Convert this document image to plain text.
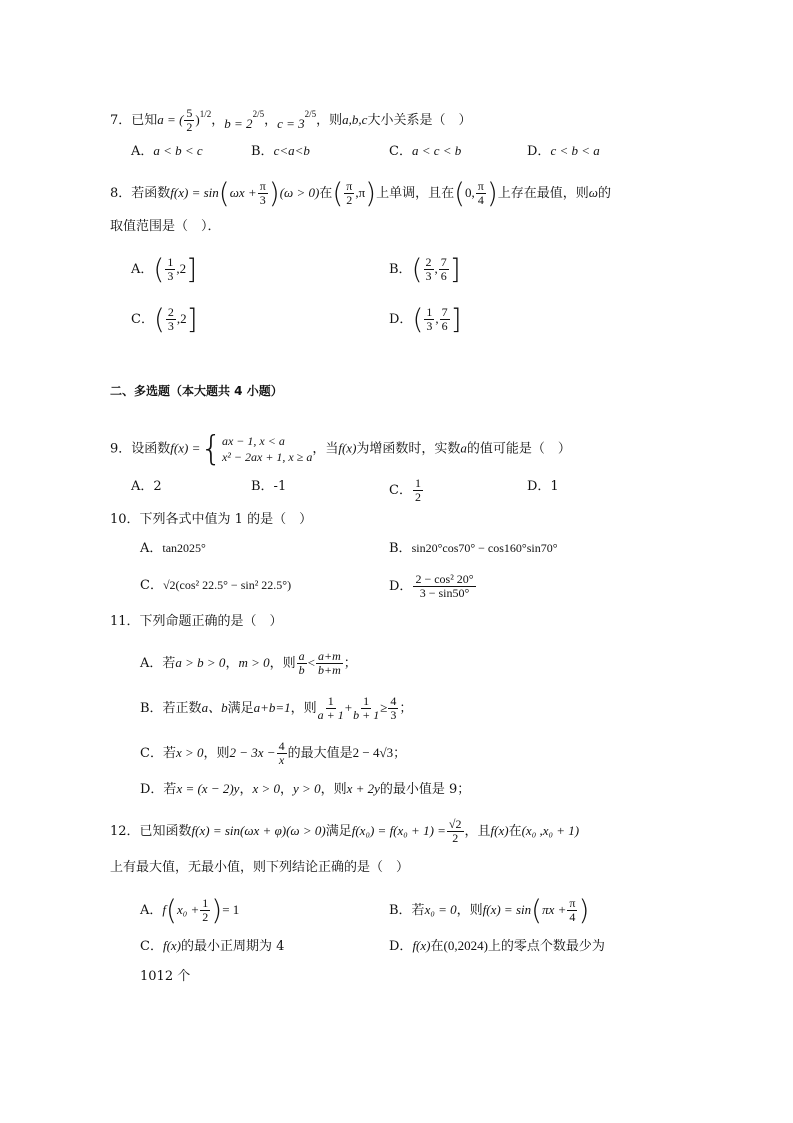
7．已知a = ( $\frac{5}{2} )^{1/2}$，$b = 2^{2/5}$，$c = 3^{2/5}$，则a,b,c大小关系是（　）
A．a < b < c	B．c<a<b	C．a < c < b	D．c < b < a
8．若函数$f(x) = \sin(\omega x + \frac{\pi}{3} )(\omega > 0)$在( $\frac{\pi}{2} ,\pi$)上单调，且在(0, $\frac{\pi}{4}$ )上存在最值，则ω的
取值范围是（　）．
A．( $\frac{1}{3} ,2$]	B．( $\frac{2}{3}$ , $\frac{7}{6}$ ]
C．( $\frac{2}{3} ,2$]	D．( $\frac{1}{3}$ , $\frac{7}{6}$ ]
二、多选题（本大题共 4 小题）
9．设函数f(x) = { ax − 1, x < a
x² − 2ax + 1, x ≥ a
，当f(x)为增函数时，实数a的值可能是（　）
A．2	B．-1	C． $\frac{1}{2}$	D．1
10．下列各式中值为 1 的是（　）
A．tan2025°	B．sin20°cos70° − cos160°sin70°
C．√2(cos² 22.5° − sin² 22.5°)	D． $\frac{\text{2 − cos² 20°}}{3 - \sin 50^\circ}$
11．下列命题正确的是（　）
A．若a > b > 0，m > 0，则 $\frac{a}{b} < \frac{a+m}{b+m}$ ；
B．若正数a、b满足a+b=1，则 $\frac{1}{a + 1} + \frac{1}{b + 1} \ge \frac{4}{3}$ ；
C．若x > 0，则$2 - 3x - \frac{4}{x}$ 的最大值是2 − 4√3；
D．若x = (x − 2)y，x > 0，y > 0，则x + 2y的最小值是 9；
12．已知函数f(x) = sin(ωx + φ)(ω > 0)满足$f(x_0) = f(x_0 + 1) = \frac{√2}{2}$ ，且f(x)在(x₀ ,x₀ + 1)
上有最大值，无最小值，则下列结论正确的是（　）
A．$f(x_0 + \frac{1}{2}$ )= 1	B．若x₀ = 0，则$f(x) = \sin(\pi x + \frac{\pi}{4}$ )
C．f(x)的最小正周期为 4	D．f(x)在(0,2024)上的零点个数最少为
1012 个
